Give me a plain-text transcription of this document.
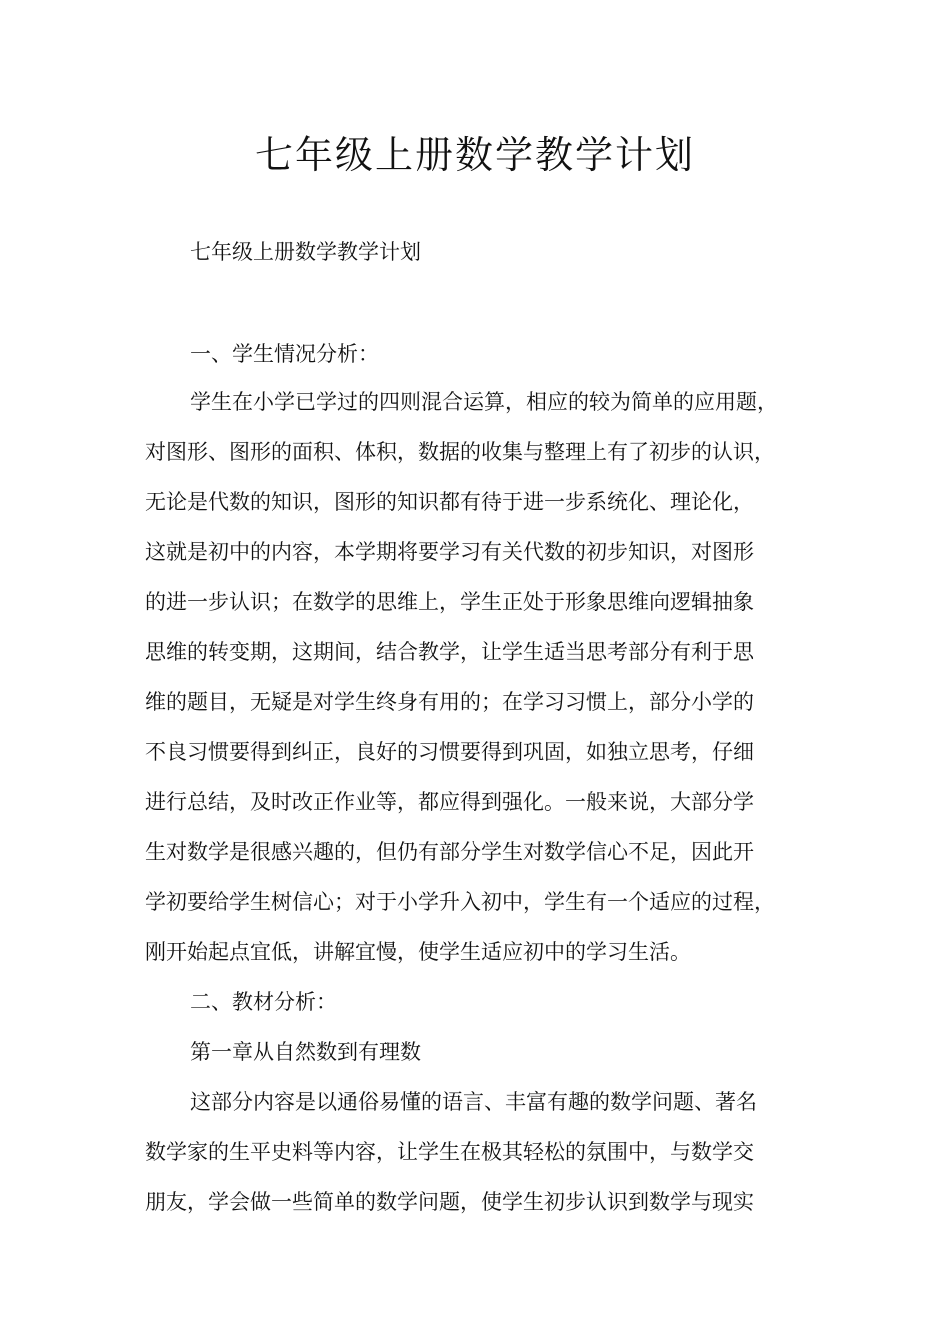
七年级上册数学教学计划
七年级上册数学教学计划
一、学生情况分析：
学生在小学已学过的四则混合运算，相应的较为简单的应用题，
对图形、图形的面积、体积，数据的收集与整理上有了初步的认识，
无论是代数的知识，图形的知识都有待于进一步系统化、理论化，
这就是初中的内容，本学期将要学习有关代数的初步知识，对图形
的进一步认识；在数学的思维上，学生正处于形象思维向逻辑抽象
思维的转变期，这期间，结合教学，让学生适当思考部分有利于思
维的题目，无疑是对学生终身有用的；在学习习惯上，部分小学的
不良习惯要得到纠正，良好的习惯要得到巩固，如独立思考，仔细
进行总结，及时改正作业等，都应得到强化。一般来说，大部分学
生对数学是很感兴趣的，但仍有部分学生对数学信心不足，因此开
学初要给学生树信心；对于小学升入初中，学生有一个适应的过程，
刚开始起点宜低，讲解宜慢，使学生适应初中的学习生活。
二、教材分析：
第一章从自然数到有理数
这部分内容是以通俗易懂的语言、丰富有趣的数学问题、著名
数学家的生平史料等内容，让学生在极其轻松的氛围中，与数学交
朋友，学会做一些简单的数学问题，使学生初步认识到数学与现实
